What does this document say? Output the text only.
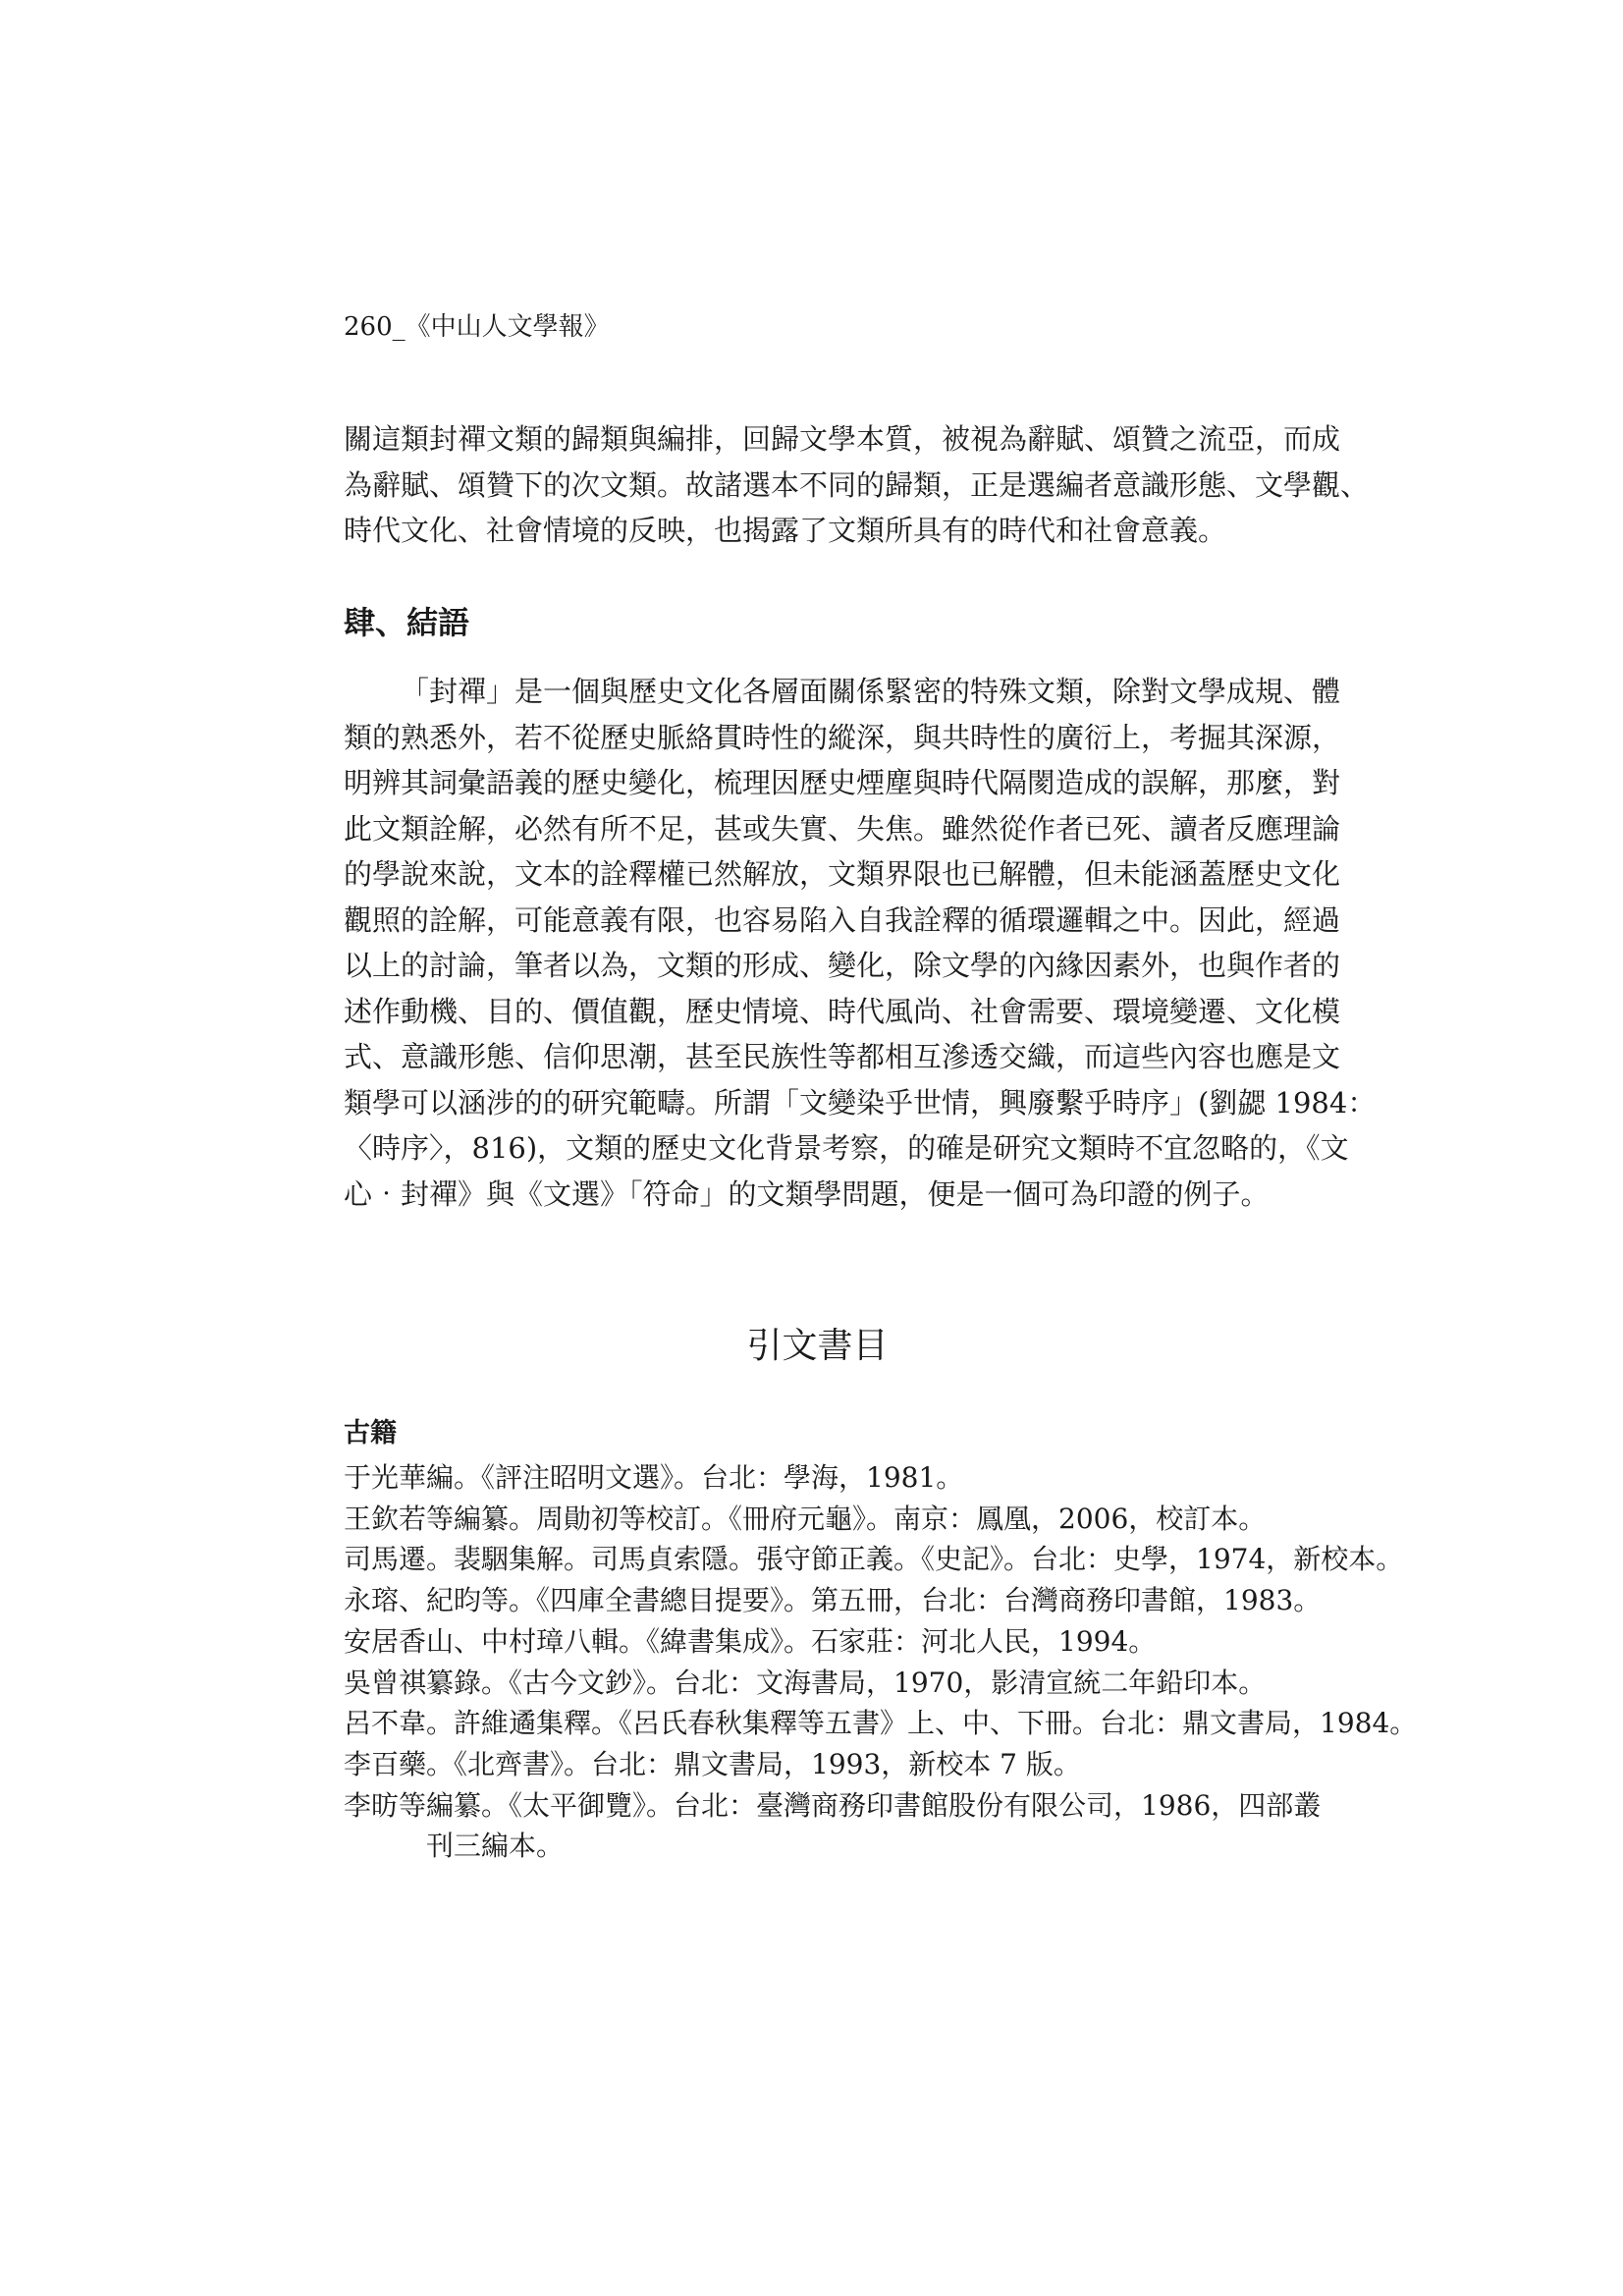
260_《中山人文學報》

關這類封禪文類的歸類與編排，回歸文學本質，被視為辭賦、頌贊之流亞，而成
為辭賦、頌贊下的次文類。故諸選本不同的歸類，正是選編者意識形態、文學觀、
時代文化、社會情境的反映，也揭露了文類所具有的時代和社會意義。

肆、結語

「封禪」是一個與歷史文化各層面關係緊密的特殊文類，除對文學成規、體
類的熟悉外，若不從歷史脈絡貫時性的縱深，與共時性的廣衍上，考掘其深源，
明辨其詞彙語義的歷史變化，梳理因歷史煙塵與時代隔閡造成的誤解，那麼，對
此文類詮解，必然有所不足，甚或失實、失焦。雖然從作者已死、讀者反應理論
的學說來說，文本的詮釋權已然解放，文類界限也已解體，但未能涵蓋歷史文化
觀照的詮解，可能意義有限，也容易陷入自我詮釋的循環邏輯之中。因此，經過
以上的討論，筆者以為，文類的形成、變化，除文學的內緣因素外，也與作者的
述作動機、目的、價值觀，歷史情境、時代風尚、社會需要、環境變遷、文化模
式、意識形態、信仰思潮，甚至民族性等都相互滲透交織，而這些內容也應是文
類學可以涵涉的的研究範疇。所謂「文變染乎世情，興廢繫乎時序」(劉勰 1984：
〈時序〉，816)，文類的歷史文化背景考察，的確是研究文類時不宜忽略的，《文
心‧封禪》與《文選》「符命」的文類學問題，便是一個可為印證的例子。

引文書目
古籍
于光華編。《評注昭明文選》。台北：學海，1981。
王欽若等編纂。周勛初等校訂。《冊府元龜》。南京：鳳凰，2006，校訂本。
司馬遷。裴駰集解。司馬貞索隱。張守節正義。《史記》。台北：史學，1974，新校本。
永瑢、紀昀等。《四庫全書總目提要》。第五冊，台北：台灣商務印書館，1983。
安居香山、中村璋八輯。《緯書集成》。石家莊：河北人民，1994。
吳曾祺纂錄。《古今文鈔》。台北：文海書局，1970，影清宣統二年鉛印本。
呂不韋。許維遹集釋。《呂氏春秋集釋等五書》上、中、下冊。台北：鼎文書局，1984。
李百藥。《北齊書》。台北：鼎文書局，1993，新校本 7 版。
李昉等編纂。《太平御覽》。台北：臺灣商務印書館股份有限公司，1986，四部叢
刊三編本。
